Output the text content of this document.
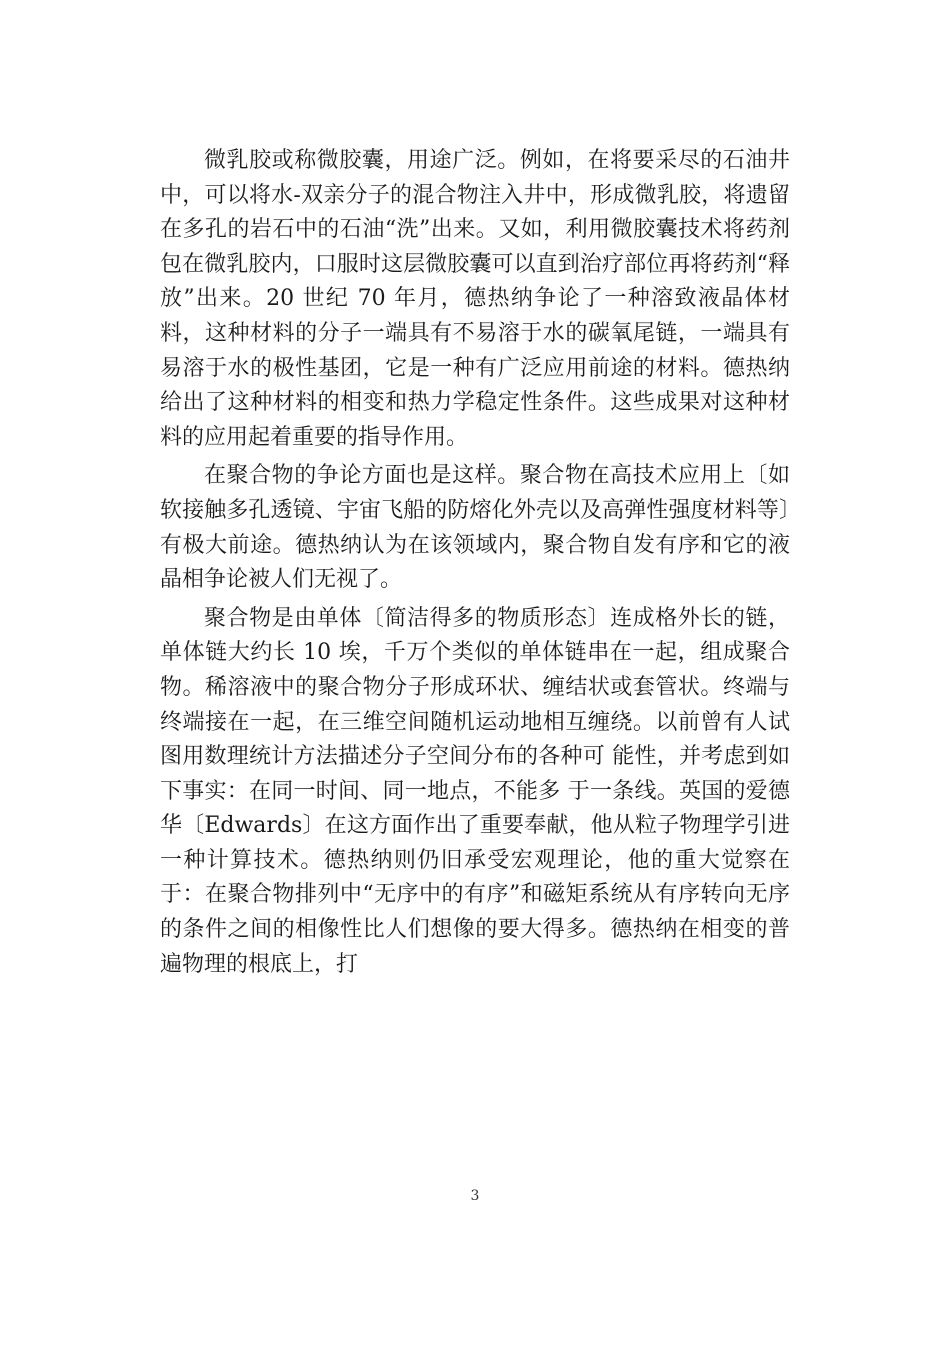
微乳胶或称微胶囊，用途广泛。例如，在将要采尽的石油井中，可以将水-双亲分子的混合物注入井中，形成微乳胶，将遗留在多孔的岩石中的石油“洗”出来。又如，利用微胶囊技术将药剂包在微乳胶内，口服时这层微胶囊可以直到治疗部位再将药剂“释放”出来。20 世纪 70 年月，德热纳争论了一种溶致液晶体材料，这种材料的分子一端具有不易溶于水的碳氧尾链，一端具有易溶于水的极性基团，它是一种有广泛应用前途的材料。德热纳给出了这种材料的相变和热力学稳定性条件。这些成果对这种材料的应用起着重要的指导作用。

在聚合物的争论方面也是这样。聚合物在高技术应用上〔如软接触多孔透镜、宇宙飞船的防熔化外壳以及高弹性强度材料等〕有极大前途。德热纳认为在该领域内，聚合物自发有序和它的液晶相争论被人们无视了。

聚合物是由单体〔简洁得多的物质形态〕连成格外长的链，单体链大约长 10 埃，千万个类似的单体链串在一起，组成聚合物。稀溶液中的聚合物分子形成环状、缠结状或套管状。终端与终端接在一起，在三维空间随机运动地相互缠绕。以前曾有人试图用数理统计方法描述分子空间分布的各种可 能性，并考虑到如下事实：在同一时间、同一地点，不能多 于一条线。英国的爱德华〔Edwards〕在这方面作出了重要奉献，他从粒子物理学引进一种计算技术。德热纳则仍旧承受宏观理论，他的重大觉察在于：在聚合物排列中“无序中的有序”和磁矩系统从有序转向无序的条件之间的相像性比人们想像的要大得多。德热纳在相变的普遍物理的根底上，打

3
